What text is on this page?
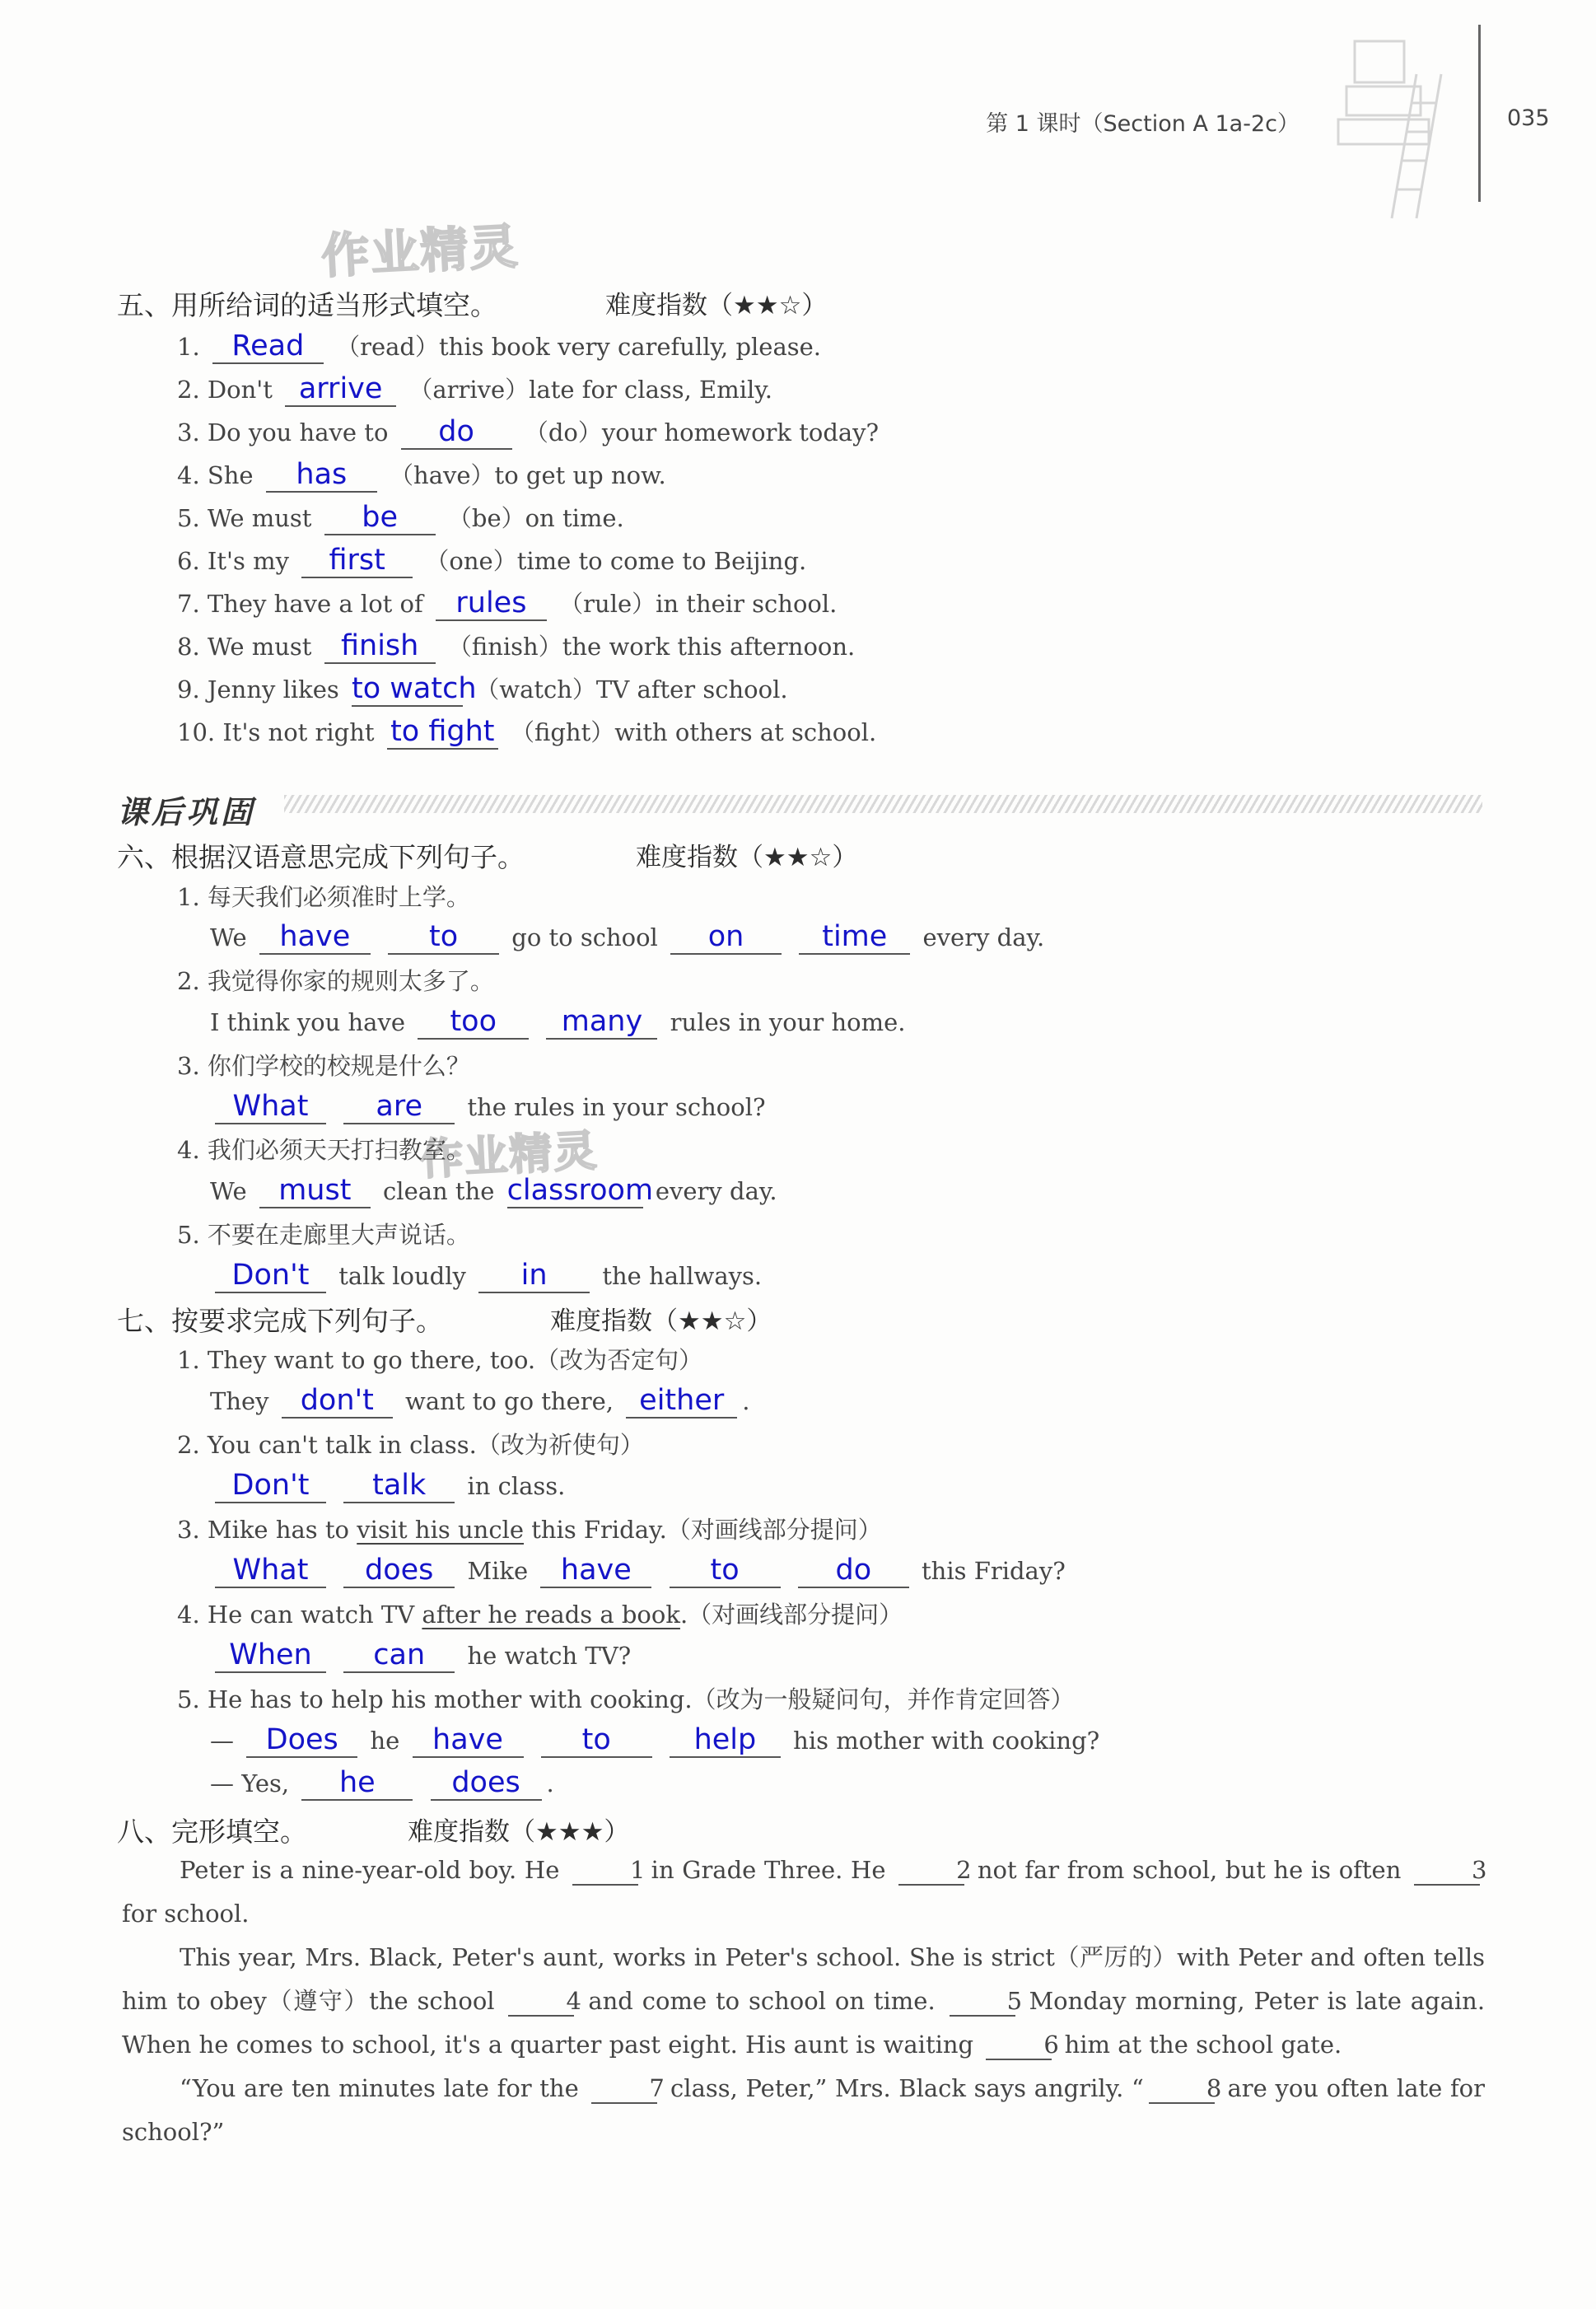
第 1 课时（Section A 1a-2c）	035
作业精灵
作业精灵
五、用所给词的适当形式填空。	难度指数（★★☆）
1. Read （read）this book very carefully, please.
2. Don't arrive （arrive）late for class, Emily.
3. Do you have to do （do）your homework today?
4. She has （have）to get up now.
5. We must be （be）on time.
6. It's my first （one）time to come to Beijing.
7. They have a lot of rules （rule）in their school.
8. We must finish （finish）the work this afternoon.
9. Jenny likes to watch （watch）TV after school.
10. It's not right to fight （fight）with others at school.
课后巩固
六、根据汉语意思完成下列句子。	难度指数（★★☆）
1. 每天我们必须准时上学。
We have	to go to school on	time every day.
2. 我觉得你家的规则太多了。
I think you have too many rules in your home.
3. 你们学校的校规是什么？
What are the rules in your school?
4. 我们必须天天打扫教室。
We must clean the classroom every day.
5. 不要在走廊里大声说话。
Don't talk loudly in the hallways.
七、按要求完成下列句子。	难度指数（★★☆）
1. They want to go there, too.（改为否定句）
They don't want to go there, either .
2. You can't talk in class.（改为祈使句）
Don't talk in class.
3. Mike has to visit his uncle this Friday.（对画线部分提问）
What does Mike have	to	do this Friday?
4. He can watch TV after he reads a book.（对画线部分提问）
When can he watch TV?
5. He has to help his mother with cooking.（改为一般疑问句，并作肯定回答）
— Does he have	to	help his mother with cooking?
— Yes, he	does .
八、完形填空。	难度指数（★★★）
Peter is a nine-year-old boy. He	1 in Grade Three. He	2 not far from school, but he is often	3 for school.
This year, Mrs. Black, Peter's aunt, works in Peter's school. She is strict（严厉的）with Peter and often tells him to obey（遵守）the school	4 and come to school on time.	5 Monday morning, Peter is late again. When he comes to school, it's a quarter past eight. His aunt is waiting	6 him at the school gate.
“You are ten minutes late for the	7 class, Peter,” Mrs. Black says angrily. “	8 are you often late for school?”
